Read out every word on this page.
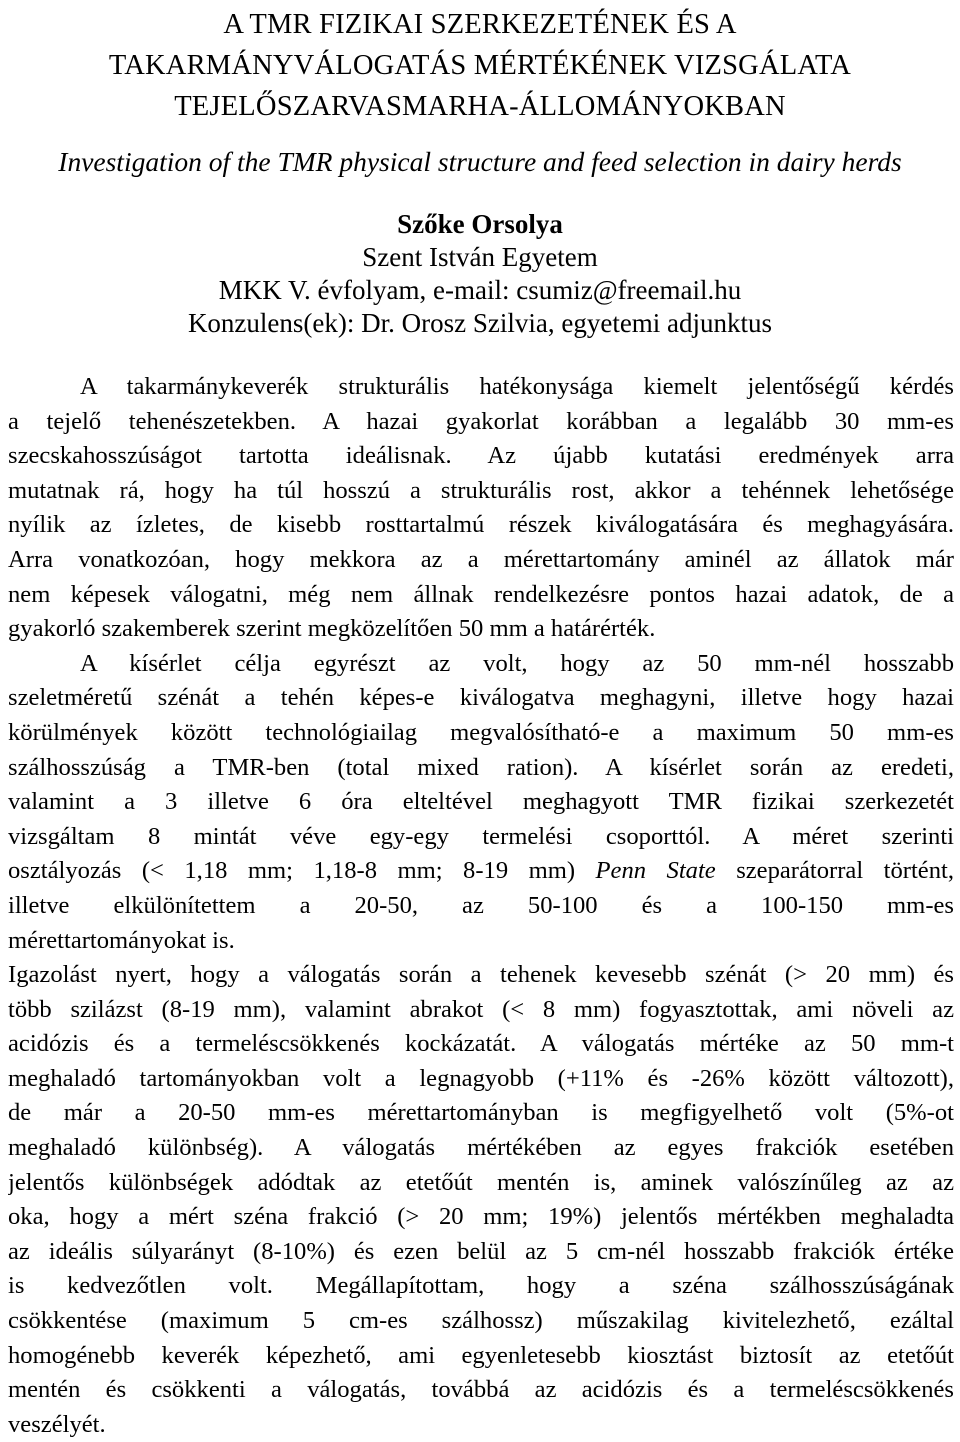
A TMR FIZIKAI SZERKEZETÉNEK ÉS A
TAKARMÁNYVÁLOGATÁS MÉRTÉKÉNEK VIZSGÁLATA
TEJELŐSZARVASMARHA-ÁLLOMÁNYOKBAN
Investigation of the TMR physical structure and feed selection in dairy herds
Szőke Orsolya
Szent István Egyetem
MKK V. évfolyam, e-mail: csumiz@freemail.hu
Konzulens(ek): Dr. Orosz Szilvia, egyetemi adjunktus
A takarmánykeverék strukturális hatékonysága kiemelt jelentőségű kérdés
a tejelő tehenészetekben. A hazai gyakorlat korábban a legalább 30 mm-es
szecskahosszúságot tartotta ideálisnak. Az újabb kutatási eredmények arra
mutatnak rá, hogy ha túl hosszú a strukturális rost, akkor a tehénnek lehetősége
nyílik az ízletes, de kisebb rosttartalmú részek kiválogatására és meghagyására.
Arra vonatkozóan, hogy mekkora az a mérettartomány aminél az állatok már
nem képesek válogatni, még nem állnak rendelkezésre pontos hazai adatok, de a
gyakorló szakemberek szerint megközelítően 50 mm a határérték.
A kísérlet célja egyrészt az volt, hogy az 50 mm-nél hosszabb
szeletméretű szénát a tehén képes-e kiválogatva meghagyni, illetve hogy hazai
körülmények között technológiailag megvalósítható-e a maximum 50 mm-es
szálhosszúság a TMR-ben (total mixed ration). A kísérlet során az eredeti,
valamint a 3 illetve 6 óra elteltével meghagyott TMR fizikai szerkezetét
vizsgáltam 8 mintát véve egy-egy termelési csoporttól. A méret szerinti
osztályozás (< 1,18 mm; 1,18-8 mm; 8-19 mm) Penn State szeparátorral történt,
illetve elkülönítettem a 20-50, az 50-100 és a 100-150 mm-es
mérettartományokat is.
Igazolást nyert, hogy a válogatás során a tehenek kevesebb szénát (> 20 mm) és
több szilázst (8-19 mm), valamint abrakot (< 8 mm) fogyasztottak, ami növeli az
acidózis és a termeléscsökkenés kockázatát. A válogatás mértéke az 50 mm-t
meghaladó tartományokban volt a legnagyobb (+11% és -26% között változott),
de már a 20-50 mm-es mérettartományban is megfigyelhető volt (5%-ot
meghaladó különbség). A válogatás mértékében az egyes frakciók esetében
jelentős különbségek adódtak az etetőút mentén is, aminek valószínűleg az az
oka, hogy a mért széna frakció (> 20 mm; 19%) jelentős mértékben meghaladta
az ideális súlyarányt (8-10%) és ezen belül az 5 cm-nél hosszabb frakciók értéke
is kedvezőtlen volt. Megállapítottam, hogy a széna szálhosszúságának
csökkentése (maximum 5 cm-es szálhossz) műszakilag kivitelezhető, ezáltal
homogénebb keverék képezhető, ami egyenletesebb kiosztást biztosít az etetőút
mentén és csökkenti a válogatás, továbbá az acidózis és a termeléscsökkenés
veszélyét.
